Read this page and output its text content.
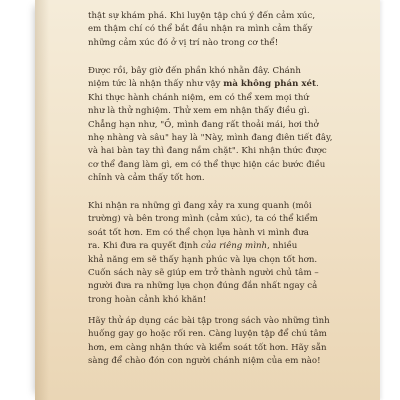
thật sự khám phá. Khi luyện tập chú ý đến cảm xúc,
em thậm chí có thể bắt đầu nhận ra mình cảm thấy
những cảm xúc đó ở vị trí nào trong cơ thể!
Được rồi, bây giờ đến phần khó nhằn đây. Chánh
niệm tức là nhận thấy như vậy mà không phán xét.
Khi thực hành chánh niệm, em có thể xem mọi thứ
như là thử nghiệm. Thử xem em nhận thấy điều gì.
Chẳng hạn như, "Ồ, mình đang rất thoải mái, hơi thở
nhẹ nhàng và sâu" hay là "Này, mình đang điên tiết đây,
và hai bàn tay thì đang nắm chặt". Khi nhận thức được
cơ thể đang làm gì, em có thể thực hiện các bước điều
chỉnh và cảm thấy tốt hơn.
Khi nhận ra những gì đang xảy ra xung quanh (môi
trường) và bên trong mình (cảm xúc), ta có thể kiểm
soát tốt hơn. Em có thể chọn lựa hành vi mình đưa
ra. Khi đưa ra quyết định của riêng mình, nhiều
khả năng em sẽ thấy hạnh phúc và lựa chọn tốt hơn.
Cuốn sách này sẽ giúp em trở thành người chủ tâm –
người đưa ra những lựa chọn đúng đắn nhất ngay cả
trong hoàn cảnh khó khăn!
Hãy thử áp dụng các bài tập trong sách vào những tình
huống gay go hoặc rối ren. Càng luyện tập để chú tâm
hơn, em càng nhận thức và kiểm soát tốt hơn. Hãy sẵn
sàng để chào đón con người chánh niệm của em nào!
